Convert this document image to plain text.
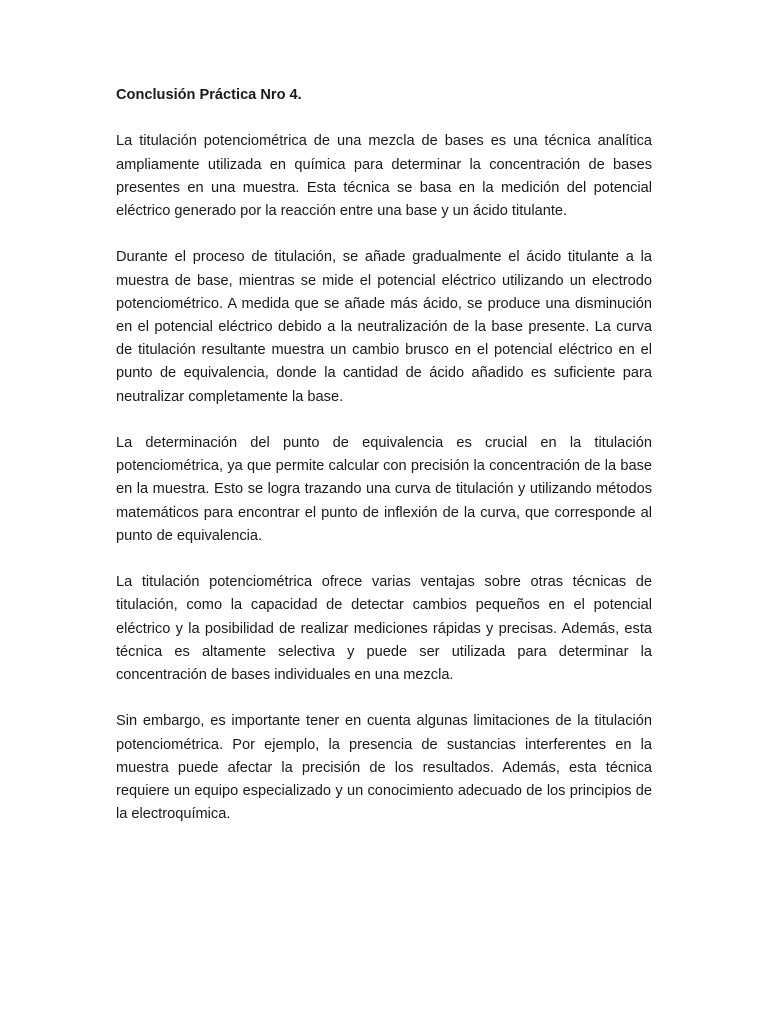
Conclusión Práctica Nro 4.

La titulación potenciométrica de una mezcla de bases es una técnica analítica ampliamente utilizada en química para determinar la concentración de bases presentes en una muestra. Esta técnica se basa en la medición del potencial eléctrico generado por la reacción entre una base y un ácido titulante.

Durante el proceso de titulación, se añade gradualmente el ácido titulante a la muestra de base, mientras se mide el potencial eléctrico utilizando un electrodo potenciométrico. A medida que se añade más ácido, se produce una disminución en el potencial eléctrico debido a la neutralización de la base presente. La curva de titulación resultante muestra un cambio brusco en el potencial eléctrico en el punto de equivalencia, donde la cantidad de ácido añadido es suficiente para neutralizar completamente la base.

La determinación del punto de equivalencia es crucial en la titulación potenciométrica, ya que permite calcular con precisión la concentración de la base en la muestra. Esto se logra trazando una curva de titulación y utilizando métodos matemáticos para encontrar el punto de inflexión de la curva, que corresponde al punto de equivalencia.

La titulación potenciométrica ofrece varias ventajas sobre otras técnicas de titulación, como la capacidad de detectar cambios pequeños en el potencial eléctrico y la posibilidad de realizar mediciones rápidas y precisas. Además, esta técnica es altamente selectiva y puede ser utilizada para determinar la concentración de bases individuales en una mezcla.

Sin embargo, es importante tener en cuenta algunas limitaciones de la titulación potenciométrica. Por ejemplo, la presencia de sustancias interferentes en la muestra puede afectar la precisión de los resultados. Además, esta técnica requiere un equipo especializado y un conocimiento adecuado de los principios de la electroquímica.
